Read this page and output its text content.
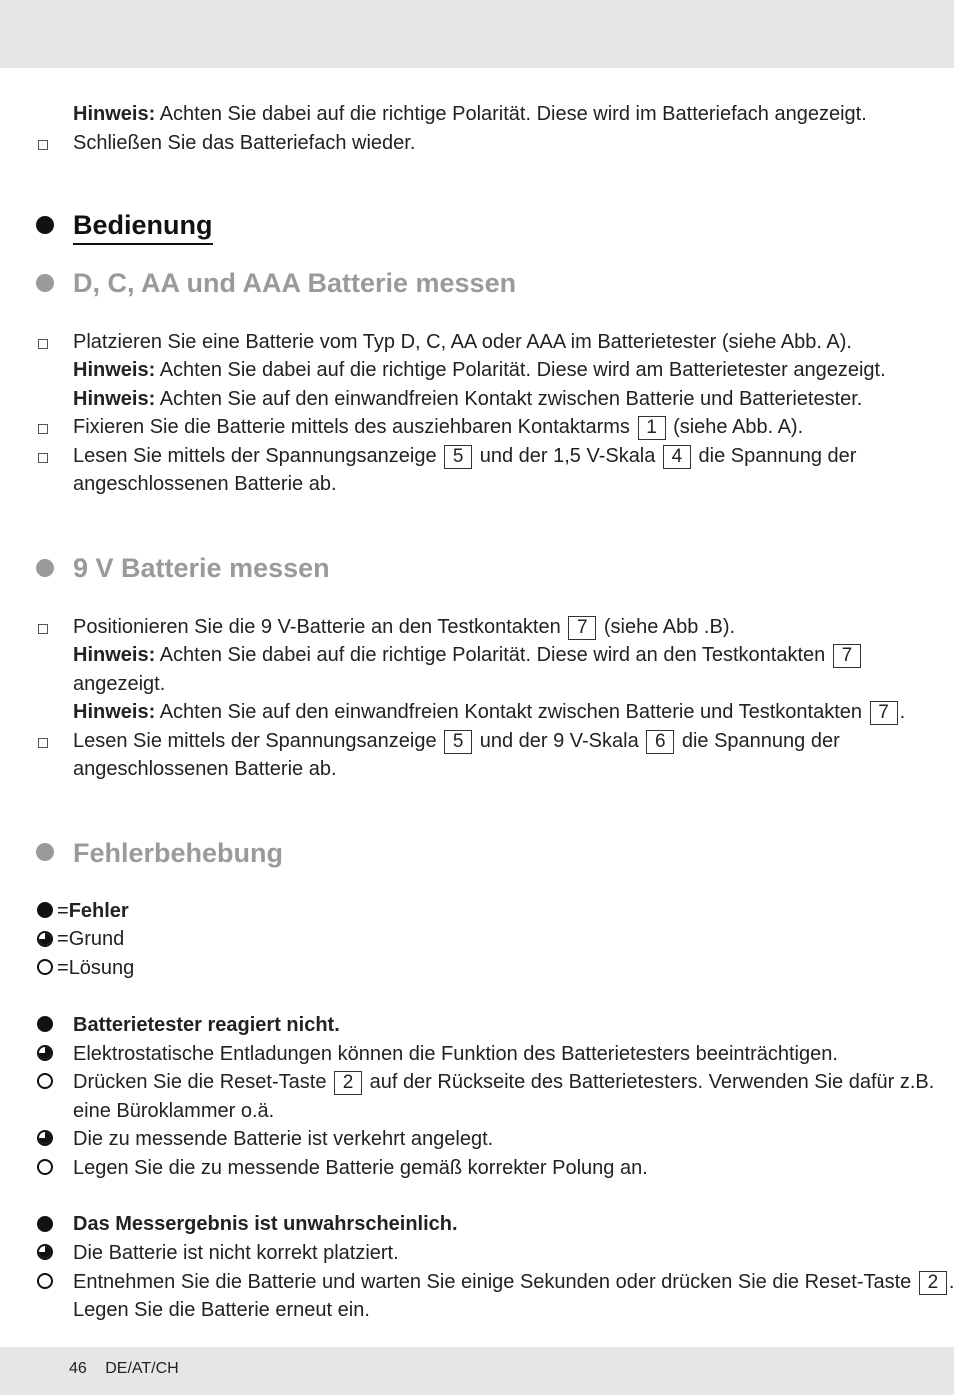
Hinweis: Achten Sie dabei auf die richtige Polarität. Diese wird im Batteriefach angezeigt.
Schließen Sie das Batteriefach wieder.
Bedienung
D, C, AA und AAA Batterie messen
Platzieren Sie eine Batterie vom Typ D, C, AA oder AAA im Batterietester (siehe Abb. A).
Hinweis: Achten Sie dabei auf die richtige Polarität. Diese wird am Batterietester angezeigt.
Hinweis: Achten Sie auf den einwandfreien Kontakt zwischen Batterie und Batterietester.
Fixieren Sie die Batterie mittels des ausziehbaren Kontaktarms 1 (siehe Abb. A).
Lesen Sie mittels der Spannungsanzeige 5 und der 1,5 V-Skala 4 die Spannung der
angeschlossenen Batterie ab.
9 V Batterie messen
Positionieren Sie die 9 V-Batterie an den Testkontakten 7 (siehe Abb .B).
Hinweis: Achten Sie dabei auf die richtige Polarität. Diese wird an den Testkontakten 7
angezeigt.
Hinweis: Achten Sie auf den einwandfreien Kontakt zwischen Batterie und Testkontakten 7 .
Lesen Sie mittels der Spannungsanzeige 5 und der 9 V-Skala 6 die Spannung der
angeschlossenen Batterie ab.
Fehlerbehebung
=Fehler
=Grund
=Lösung
Batterietester reagiert nicht.
Elektrostatische Entladungen können die Funktion des Batterietesters beeinträchtigen.
Drücken Sie die Reset-Taste 2 auf der Rückseite des Batterietesters. Verwenden Sie dafür z.B.
eine Büroklammer o.ä.
Die zu messende Batterie ist verkehrt angelegt.
Legen Sie die zu messende Batterie gemäß korrekter Polung an.
Das Messergebnis ist unwahrscheinlich.
Die Batterie ist nicht korrekt platziert.
Entnehmen Sie die Batterie und warten Sie einige Sekunden oder drücken Sie die Reset-Taste 2 .
Legen Sie die Batterie erneut ein.
46 DE/AT/CH
